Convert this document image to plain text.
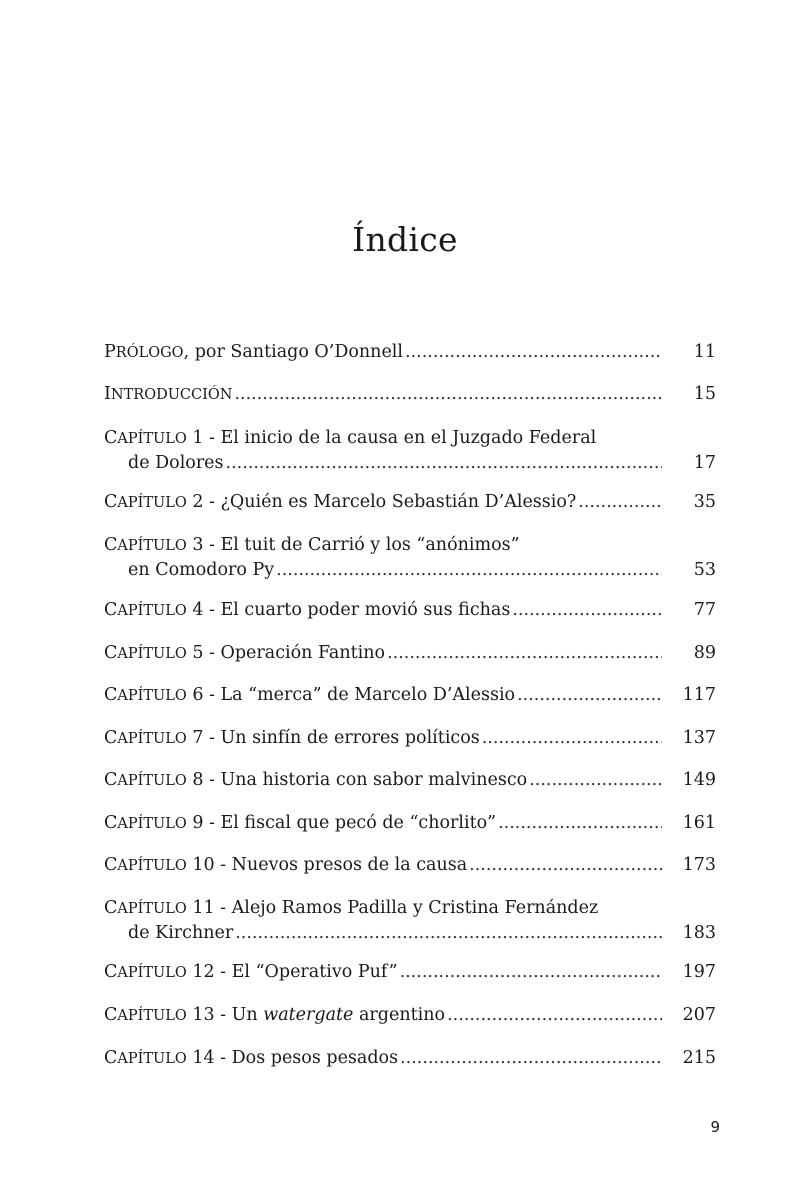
Índice
PRÓLOGO, por Santiago O’Donnell .....	11
INTRODUCCIÓN .....	15
CAPÍTULO 1 - El inicio de la causa en el Juzgado Federal
de Dolores .....	17
CAPÍTULO 2 - ¿Quién es Marcelo Sebastián D’Alessio? .....	35
CAPÍTULO 3 - El tuit de Carrió y los “anónimos”
en Comodoro Py .....	53
CAPÍTULO 4 - El cuarto poder movió sus fichas .....	77
CAPÍTULO 5 - Operación Fantino .....	89
CAPÍTULO 6 - La “merca” de Marcelo D’Alessio .....	117
CAPÍTULO 7 - Un sinfín de errores políticos .....	137
CAPÍTULO 8 - Una historia con sabor malvinesco .....	149
CAPÍTULO 9 - El fiscal que pecó de “chorlito” .....	161
CAPÍTULO 10 - Nuevos presos de la causa .....	173
CAPÍTULO 11 - Alejo Ramos Padilla y Cristina Fernández
de Kirchner .....	183
CAPÍTULO 12 - El “Operativo Puf” .....	197
CAPÍTULO 13 - Un watergate argentino .....	207
CAPÍTULO 14 - Dos pesos pesados .....	215
9
